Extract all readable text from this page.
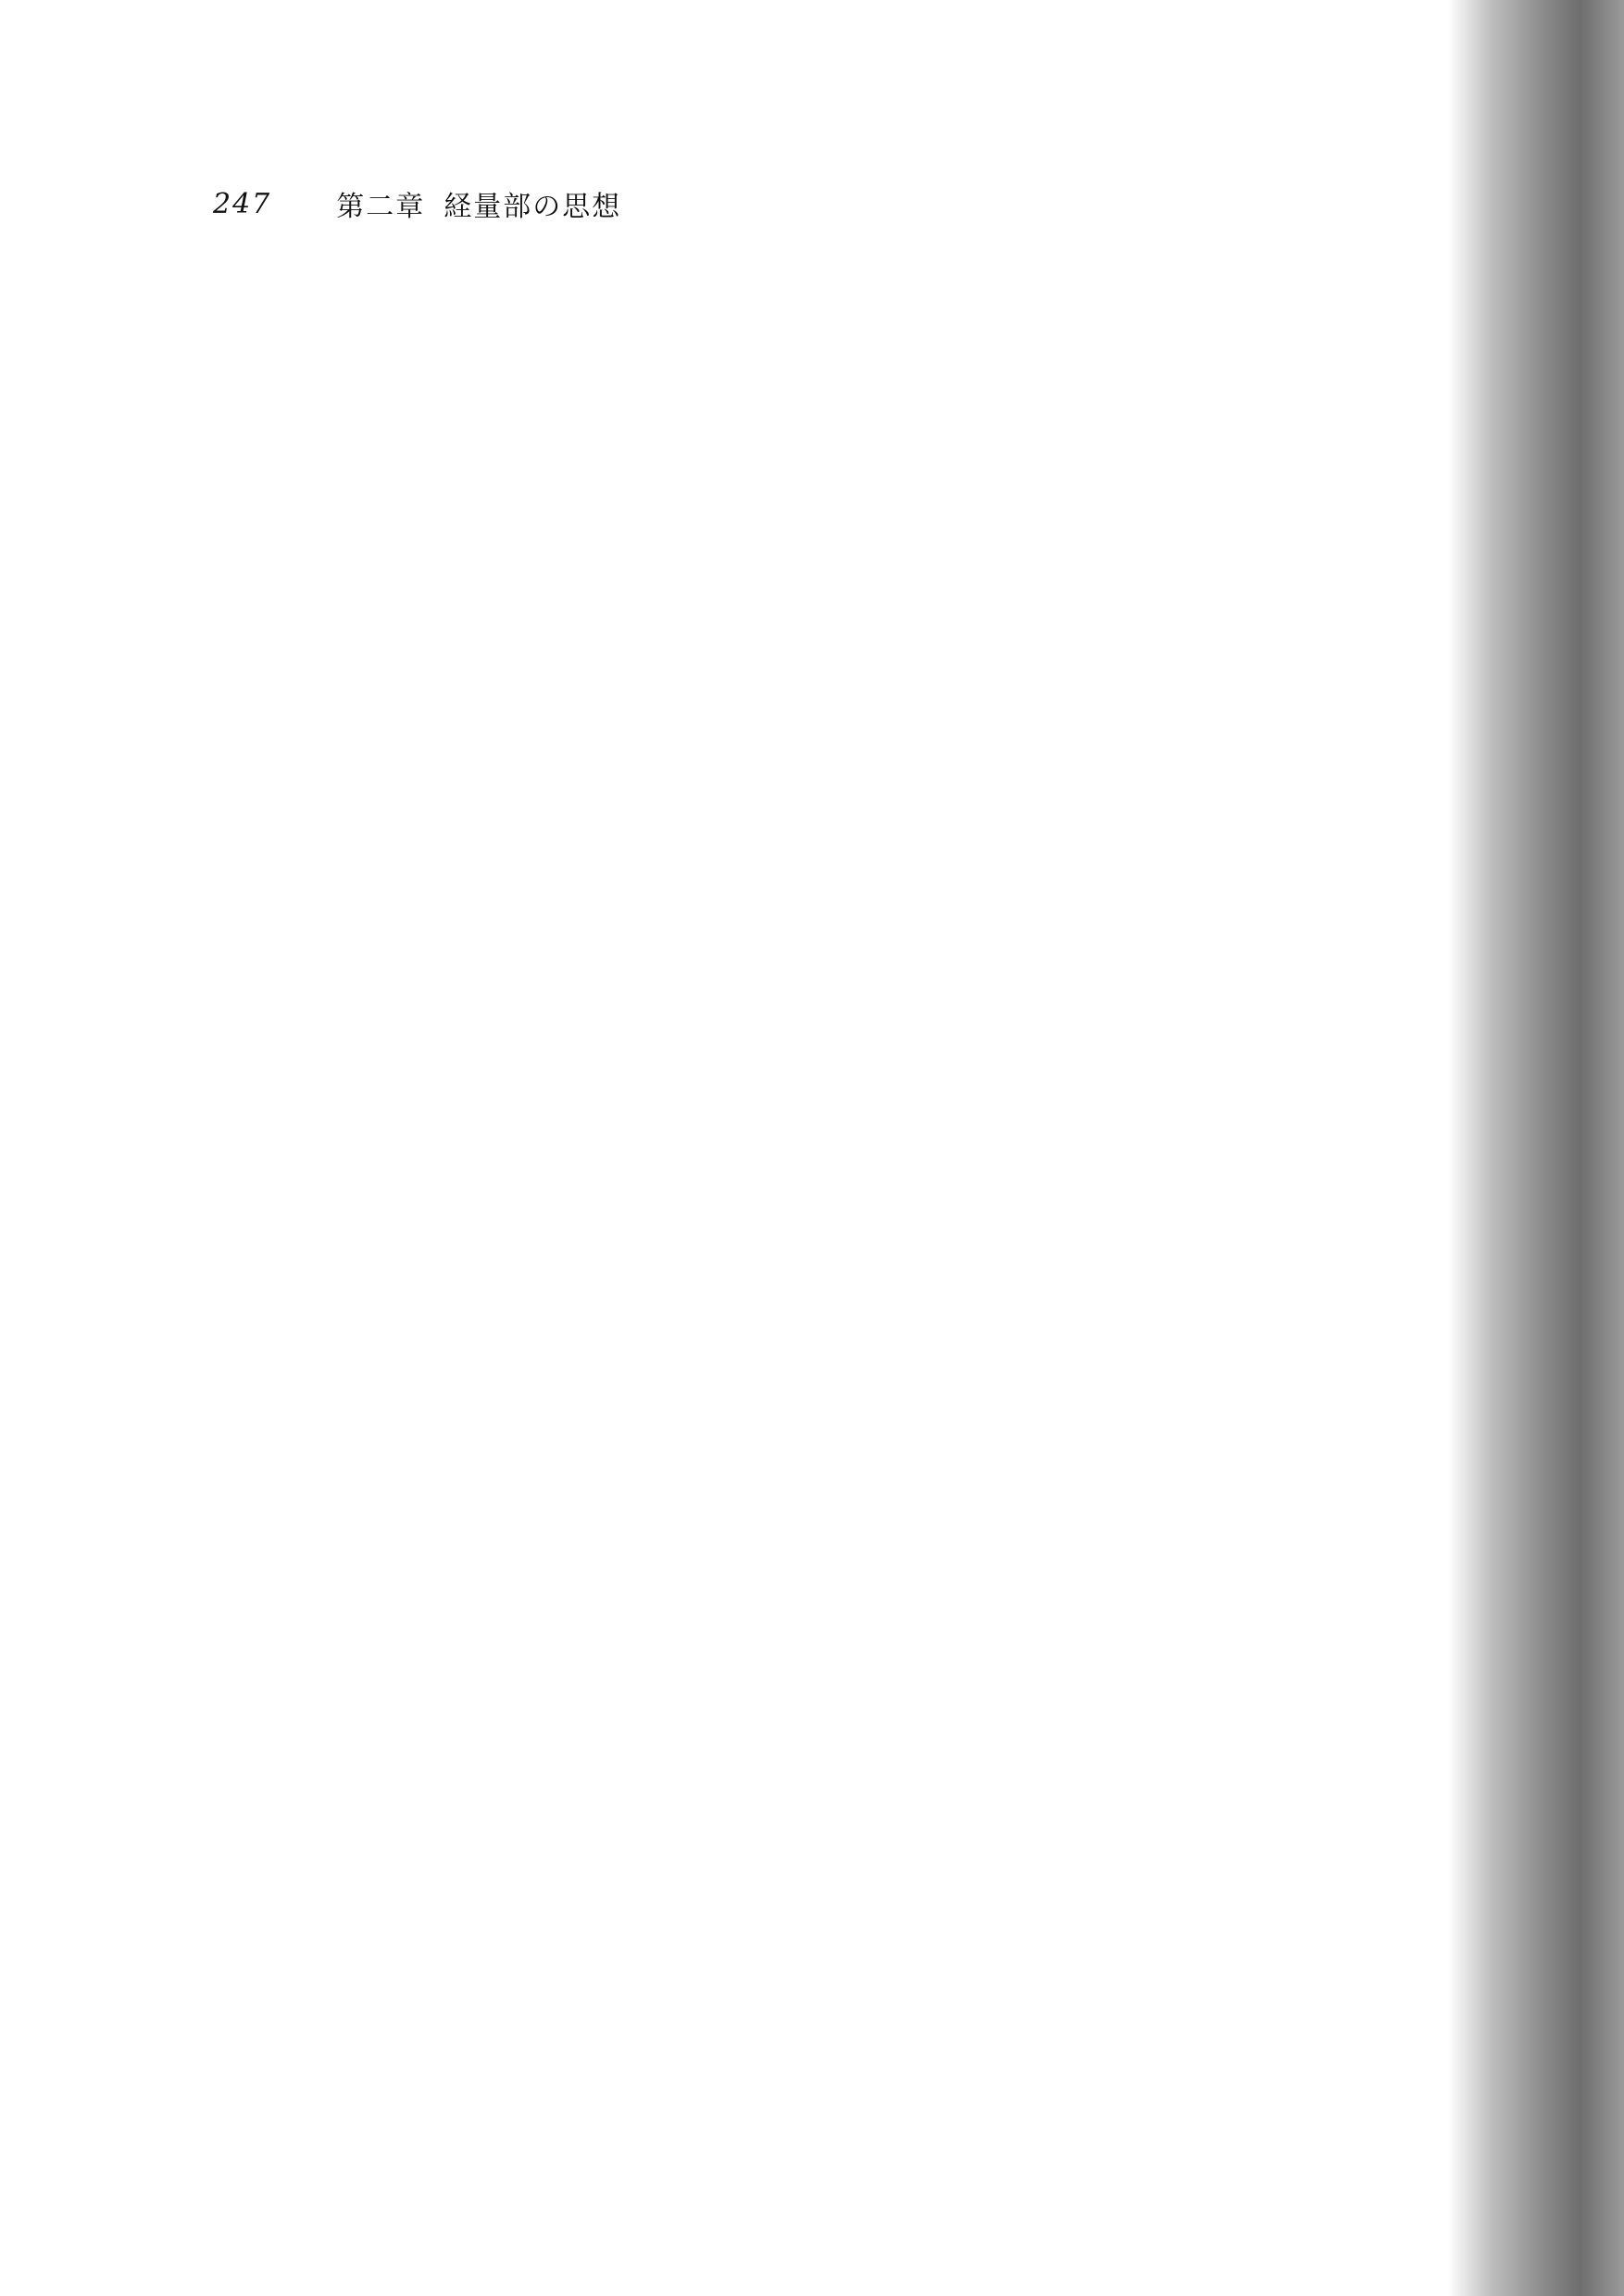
247 第二章 経量部の思想
